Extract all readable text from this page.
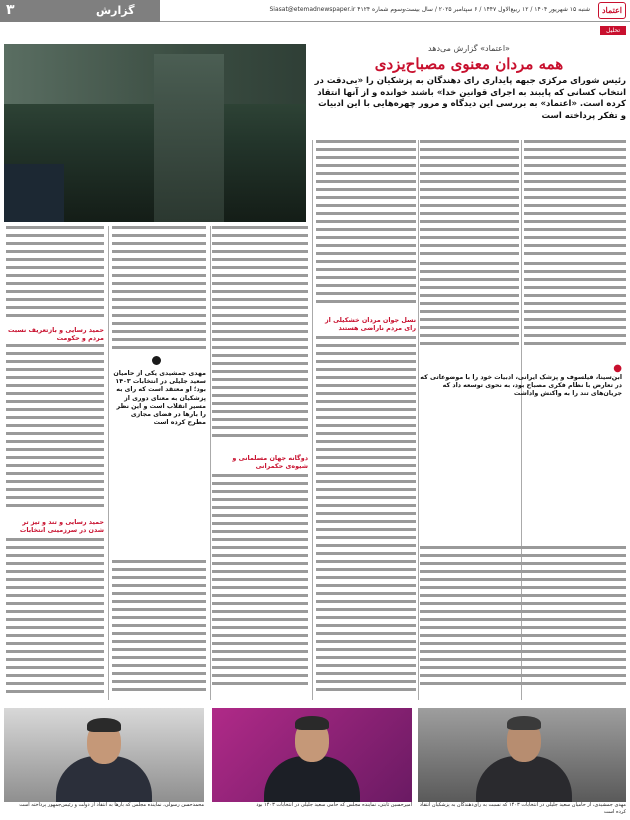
۳	گزارش	شنبه ۱۵ شهریور ۱۴۰۴ / ۱۲ ربیع‌الاول ۱۴۴۷ / ۶ سپتامبر ۲۰۲۵ / سال بیست‌وسوم شماره ۴۱۲۴ Siasat@etemadnewspaper.ir	اعتماد
تحلیل
«اعتماد» گزارش می‌دهد
همه مردان معنوی مصباح‌یزدی
رئیس شورای مرکزی جبهه پایداری رای دهندگان به پزشکیان را «بی‌دقت در انتخاب کسانی که پایبند به اجرای قوانین خدا» باشند خوانده و از آنها انتقاد کرده است. «اعتماد» به بررسی این دیدگاه و مرور چهره‌هایی با این ادبیات و تفکر پرداخته است
نسل جوان مردان خشکیلی از رای مردم ناراضی هستند
●
ابن‌سینا، فیلسوف و پزشک ایرانی، ادبیات خود را با موضوعاتی که در تعارض با نظام فکری مصباح بود، به نحوی توسعه داد که جریان‌های تند را به واکنش واداشت
دوگانه جهان مسلمانی و شیوه‌ی حکمرانی
مهدی جمشیدی یکی از حامیان سعید جلیلی در انتخابات ۱۴۰۳ بود؛ او معتقد است که رای به پزشکیان به معنای دوری از مسیر انقلاب است و این نظر را بارها در فضای مجازی مطرح کرده است
حمید رسایی و بازتعریف نسبت مردم و حکومت
حمید رسایی و تند و تیز تر شدن در سرزمینی انتخابات
محمدحسن رسولی، نماینده مجلس که بارها به انتقاد از دولت و رئیس‌جمهور پرداخته است	امیرحسین ثابتی، نماینده مجلس که حامی سعید جلیلی در انتخابات ۱۴۰۳ بود	مهدی جمشیدی، از حامیان سعید جلیلی در انتخابات ۱۴۰۳ که نسبت به رای‌دهندگان به پزشکیان انتقاد کرده است
